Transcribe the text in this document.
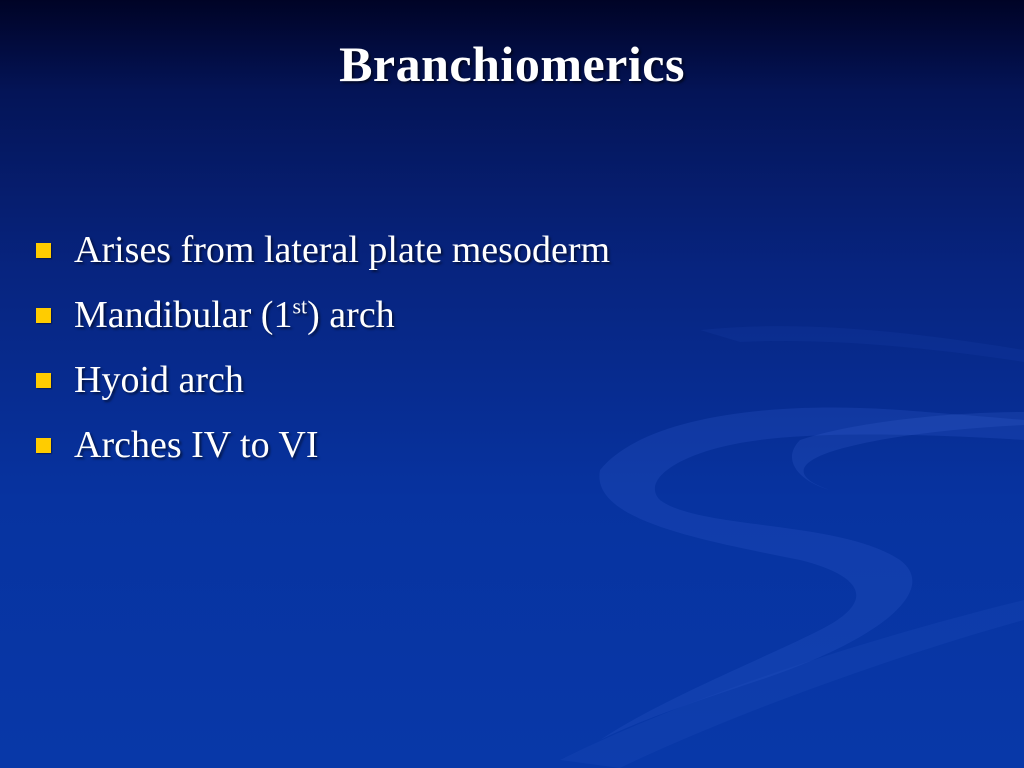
Branchiomerics
Arises from lateral plate mesoderm
Mandibular (1st) arch
Hyoid arch
Arches IV to VI
